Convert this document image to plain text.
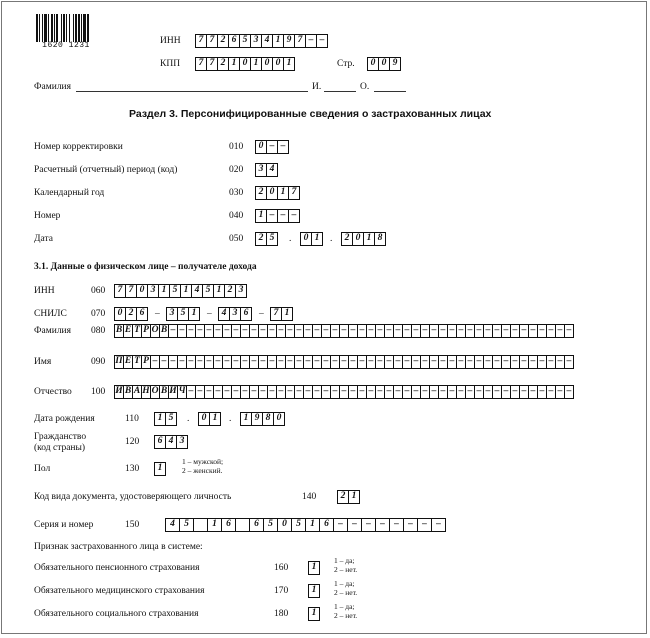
1620 1231	ИНН	7 7 2 6 5 3 4 1 9 7 – –
КПП	7 7 2 1 0 1 0 0 1	Стр.	0 0 9
Фамилия	И.	О.
Раздел 3. Персонифицированные сведения о застрахованных лицах
Номер корректировки	010	0 – –
Расчетный (отчетный) период (код)	020	3 4
Календарный год	030	2 0 1 7
Номер	040	1 – – –
Дата	050	2 5	.	0 1	.	2 0 1 8
3.1. Данные о физическом лице – получателе дохода
ИНН	060	7 7 0 3 1 5 1 4 5 1 2 3
СНИЛС	070	0 2 6	–	3 5 1	–	4 3 6	–	7 1
Фамилия 080 В Е Т Р О В – – – – – – – – – – – – – – – – – – – – – – – – – – – – – – – – – – – – – – – – – – – – –
Имя	090 П Е Т Р – – – – – – – – – – – – – – – – – – – – – – – – – – – – – – – – – – – – – – – – – – – – – – –
Отчество 100 И В А Н О В И Ч – – – – – – – – – – – – – – – – – – – – – – – – – – – – – – – – – – – – – – – – – – –
Дата рождения	110	1 5	.	0 1	.	1 9 8 0
Гражданство
(код страны)
120	6 4 3
Пол	130	1
1 – мужской;
2 – женский.
Код вида документа, удостоверяющего личность	140	2 1
Серия и номер	150	4 5	1 6	6 5 0 5 1 6 – – – – – – – –
Признак застрахованного лица в системе:
Обязательного пенсионного страхования	160	1
1 – да;
2 – нет.
Обязательного медицинского страхования	170	1
1 – да;
2 – нет.
Обязательного социального страхования	180	1
1 – да;
2 – нет.
